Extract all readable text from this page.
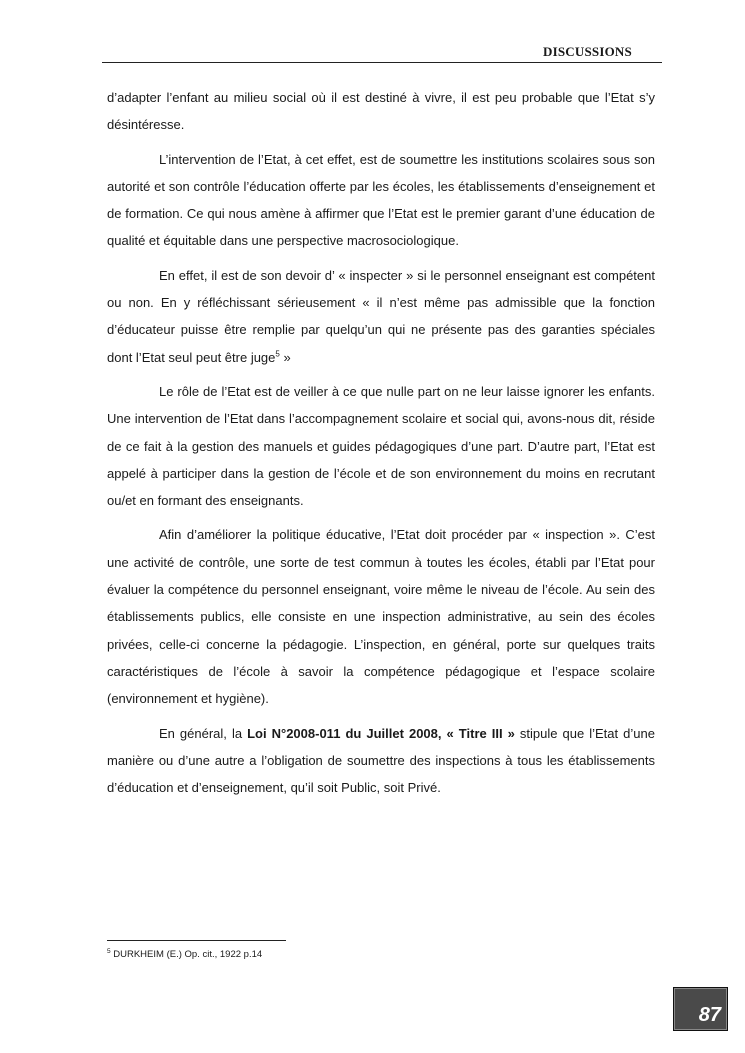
DISCUSSIONS

d’adapter l’enfant au milieu social où il est destiné à vivre, il est peu probable que l’Etat s’y désintéresse.

L’intervention de l’Etat, à cet effet, est de soumettre les institutions scolaires sous son autorité et son contrôle l’éducation offerte par les écoles, les établissements d’enseignement et de formation. Ce qui nous amène à affirmer que l’Etat est le premier garant d’une éducation de qualité et équitable dans une perspective macrosociologique.

En effet, il est de son devoir d’ « inspecter » si le personnel enseignant est compétent ou non. En y réfléchissant sérieusement « il n’est même pas admissible que la fonction d’éducateur puisse être remplie par quelqu’un qui ne présente pas des garanties spéciales dont l’Etat seul peut être juge$^5$ »

Le rôle de l’Etat est de veiller à ce que nulle part on ne leur laisse ignorer les enfants. Une intervention de l’Etat dans l’accompagnement scolaire et social qui, avons-nous dit, réside de ce fait à la gestion des manuels et guides pédagogiques d’une part. D’autre part, l’Etat est appelé à participer dans la gestion de l’école et de son environnement du moins en recrutant ou/et en formant des enseignants.

Afin d’améliorer la politique éducative, l’Etat doit procéder par « inspection ». C’est une activité de contrôle, une sorte de test commun à toutes les écoles, établi par l’Etat pour évaluer la compétence du personnel enseignant, voire même le niveau de l’école. Au sein des établissements publics, elle consiste en une inspection administrative, au sein des écoles privées, celle-ci concerne la pédagogie. L’inspection, en général, porte sur quelques traits caractéristiques de l’école à savoir la compétence pédagogique et l’espace scolaire (environnement et hygiène).

En général, la Loi N°2008-011 du Juillet 2008, « Titre III » stipule que l’Etat d’une manière ou d’une autre a l’obligation de soumettre des inspections à tous les établissements d’éducation et d’enseignement, qu’il soit Public, soit Privé.

$^5$ DURKHEIM (E.) Op. cit., 1922 p.14
87
